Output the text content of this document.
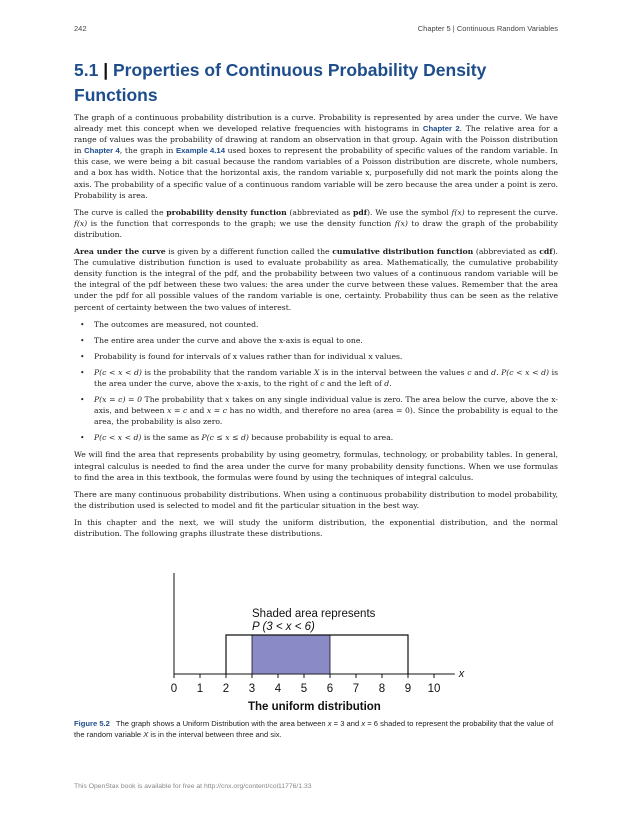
242	Chapter 5 | Continuous Random Variables
5.1 | Properties of Continuous Probability Density Functions

The graph of a continuous probability distribution is a curve. Probability is represented by area under the curve. We have already met this concept when we developed relative frequencies with histograms in Chapter 2. The relative area for a range of values was the probability of drawing at random an observation in that group. Again with the Poisson distribution in Chapter 4, the graph in Example 4.14 used boxes to represent the probability of specific values of the random variable. In this case, we were being a bit casual because the random variables of a Poisson distribution are discrete, whole numbers, and a box has width. Notice that the horizontal axis, the random variable x, purposefully did not mark the points along the axis. The probability of a specific value of a continuous random variable will be zero because the area under a point is zero. Probability is area.

The curve is called the probability density function (abbreviated as pdf). We use the symbol f(x) to represent the curve. f(x) is the function that corresponds to the graph; we use the density function f(x) to draw the graph of the probability distribution.

Area under the curve is given by a different function called the cumulative distribution function (abbreviated as cdf). The cumulative distribution function is used to evaluate probability as area. Mathematically, the cumulative probability density function is the integral of the pdf, and the probability between two values of a continuous random variable will be the integral of the pdf between these two values: the area under the curve between these values. Remember that the area under the pdf for all possible values of the random variable is one, certainty. Probability thus can be seen as the relative percent of certainty between the two values of interest.

• The outcomes are measured, not counted.
• The entire area under the curve and above the x-axis is equal to one.
• Probability is found for intervals of x values rather than for individual x values.
• P(c < x < d) is the probability that the random variable X is in the interval between the values c and d. P(c < x < d) is the area under the curve, above the x-axis, to the right of c and the left of d.
• P(x = c) = 0 The probability that x takes on any single individual value is zero. The area below the curve, above the x-axis, and between x = c and x = c has no width, and therefore no area (area = 0). Since the probability is equal to the area, the probability is also zero.
• P(c < x < d) is the same as P(c ≤ x ≤ d) because probability is equal to area.

We will find the area that represents probability by using geometry, formulas, technology, or probability tables. In general, integral calculus is needed to find the area under the curve for many probability density functions. When we use formulas to find the area in this textbook, the formulas were found by using the techniques of integral calculus.

There are many continuous probability distributions. When using a continuous probability distribution to model probability, the distribution used is selected to model and fit the particular situation in the best way.

In this chapter and the next, we will study the uniform distribution, the exponential distribution, and the normal distribution. The following graphs illustrate these distributions.

0 1 2 3 4 5 6 7 8 9 10
x
Shaded area represents
P (3 < x < 6)
The uniform distribution
Figure 5.2 The graph shows a Uniform Distribution with the area between x = 3 and x = 6 shaded to represent the probability that the value of the random variable X is in the interval between three and six.
This OpenStax book is available for free at http://cnx.org/content/col11776/1.33
